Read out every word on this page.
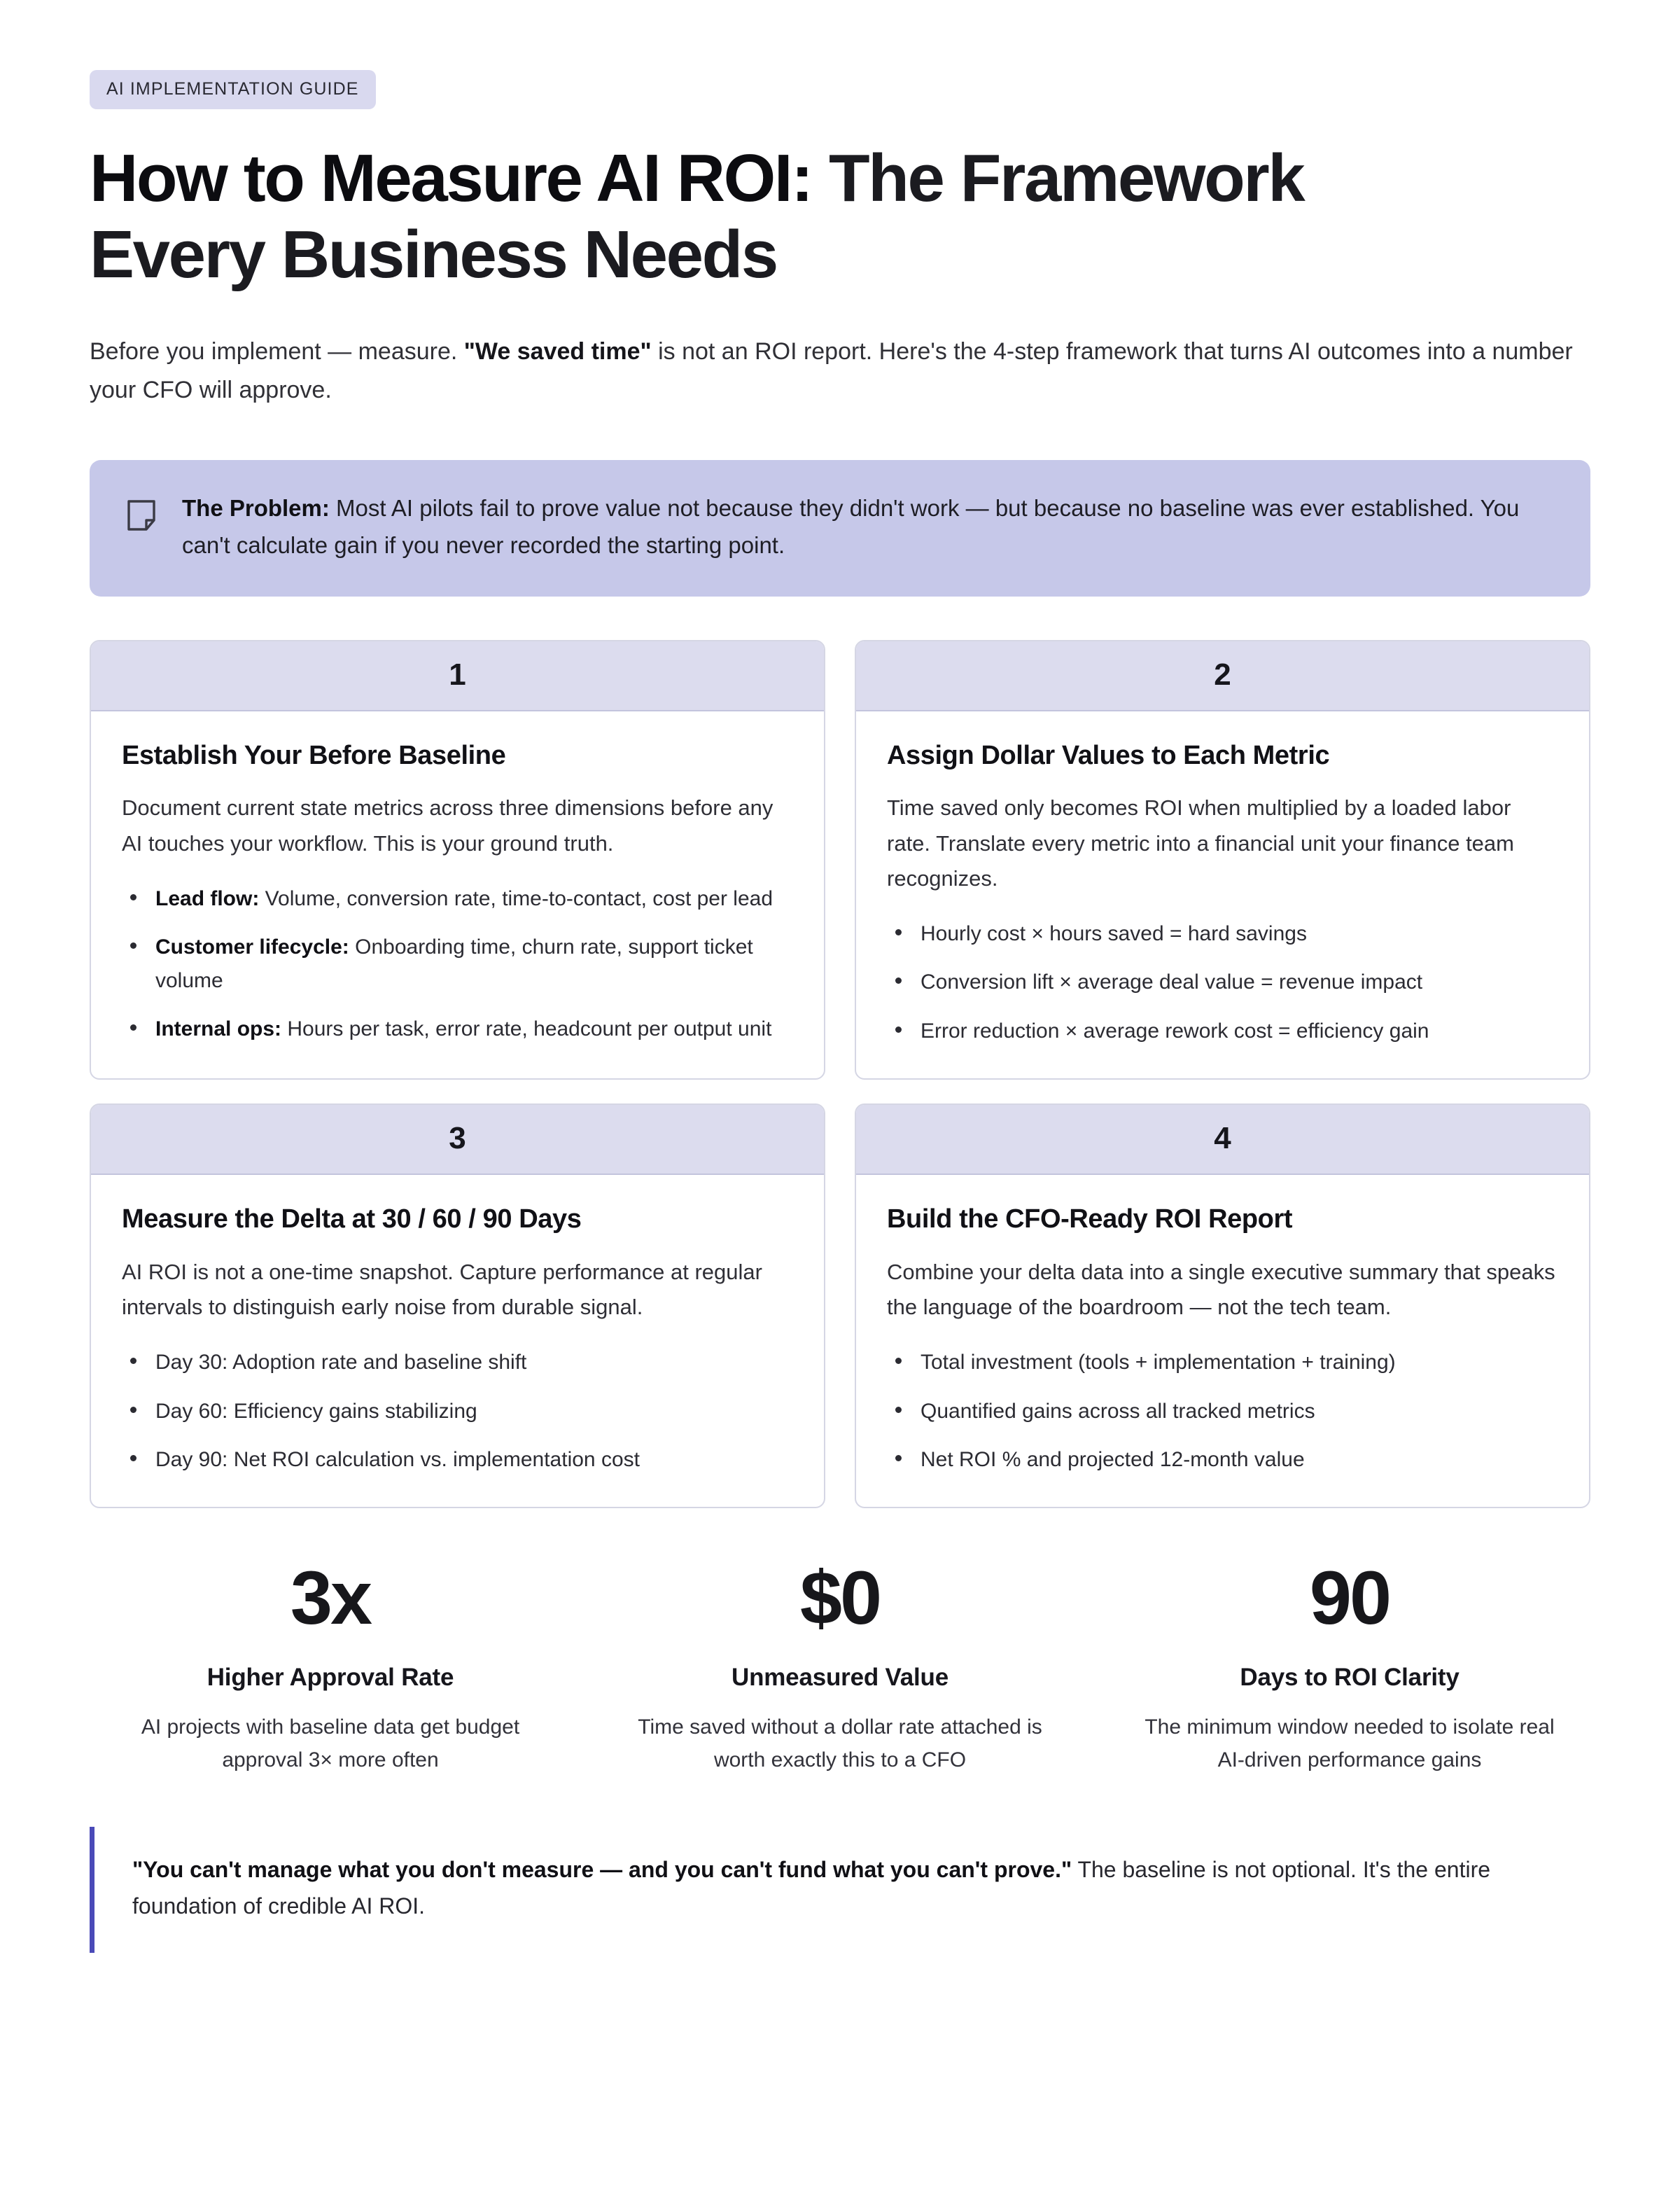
AI IMPLEMENTATION GUIDE
How to Measure AI ROI: The Framework Every Business Needs

Before you implement — measure. "We saved time" is not an ROI report. Here's the 4-step framework that turns AI outcomes into a number your CFO will approve.

The Problem: Most AI pilots fail to prove value not because they didn't work — but because no baseline was ever established. You can't calculate gain if you never recorded the starting point.
1
Establish Your Before Baseline
Document current state metrics across three dimensions before any AI touches your workflow. This is your ground truth.
Lead flow: Volume, conversion rate, time-to-contact, cost per lead
Customer lifecycle: Onboarding time, churn rate, support ticket volume
Internal ops: Hours per task, error rate, headcount per output unit
2
Assign Dollar Values to Each Metric
Time saved only becomes ROI when multiplied by a loaded labor rate. Translate every metric into a financial unit your finance team recognizes.
Hourly cost × hours saved = hard savings
Conversion lift × average deal value = revenue impact
Error reduction × average rework cost = efficiency gain
3
Measure the Delta at 30 / 60 / 90 Days
AI ROI is not a one-time snapshot. Capture performance at regular intervals to distinguish early noise from durable signal.
Day 30: Adoption rate and baseline shift
Day 60: Efficiency gains stabilizing
Day 90: Net ROI calculation vs. implementation cost
4
Build the CFO-Ready ROI Report
Combine your delta data into a single executive summary that speaks the language of the boardroom — not the tech team.
Total investment (tools + implementation + training)
Quantified gains across all tracked metrics
Net ROI % and projected 12-month value
3x
Higher Approval Rate
AI projects with baseline data get budget approval 3× more often
$0
Unmeasured Value
Time saved without a dollar rate attached is worth exactly this to a CFO
90
Days to ROI Clarity
The minimum window needed to isolate real AI-driven performance gains
"You can't manage what you don't measure — and you can't fund what you can't prove." The baseline is not optional. It's the entire foundation of credible AI ROI.
